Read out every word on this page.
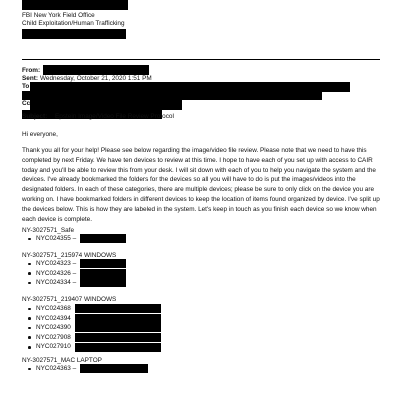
FBI New York Field Office
Child Exploitation/Human Trafficking
From:
Sent: Wednesday, October 21, 2020 1:51 PM
To
Cc
Subject: Epstein Image/Video File Review Protocol
Hi everyone,
Thank you all for your help! Please see below regarding the image/video file review. Please note that we need to have this completed by next Friday. We have ten devices to review at this time. I hope to have each of you set up with access to CAIR today and you'll be able to review this from your desk. I will sit down with each of you to help you navigate the system and the devices. I've already bookmarked the folders for the devices so all you will have to do is put the images/videos into the designated folders. In each of these categories, there are multiple devices; please be sure to only click on the device you are working on. I have bookmarked folders in different devices to keep the location of items found organized by device. I've split up the devices below. This is how they are labeled in the system. Let's keep in touch as you finish each device so we know when each device is complete.
NY-3027571_Safe
NYC024355 –
NY-3027571_215974 WINDOWS
NYC024323 –
NYC024326 –
NYC024334 –
NY-3027571_219407 WINDOWS
NYC024368
NYC024394
NYC024390
NYC027908
NYC027910
NY-3027571_MAC LAPTOP
NYC024363 –
